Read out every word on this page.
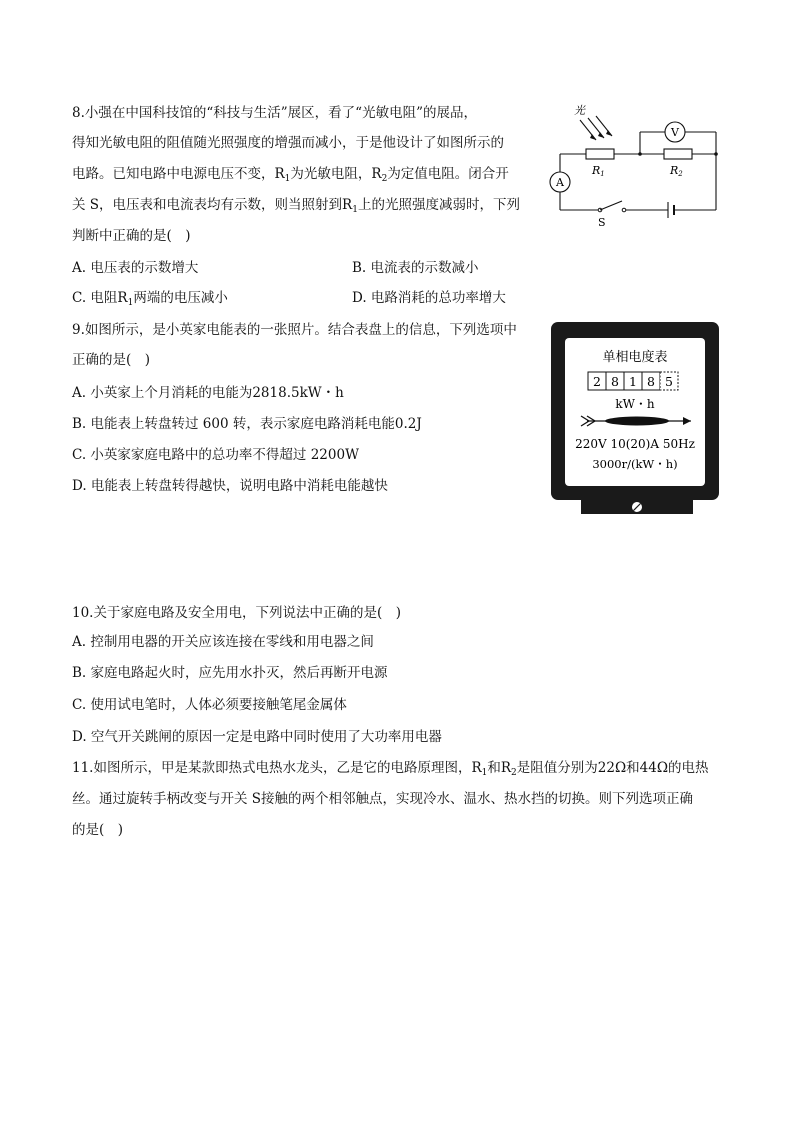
8.小强在中国科技馆的“科技与生活”展区，看了“光敏电阻”的展品，
得知光敏电阻的阻值随光照强度的增强而减小，于是他设计了如图所示的
电路。已知电路中电源电压不变，$R_1$为光敏电阻，$R_2$为定值电阻。闭合开
关 S，电压表和电流表均有示数，则当照射到$R_1$上的光照强度减弱时，下列
判断中正确的是(　)
A. 电压表的示数增大	B. 电流表的示数减小
C. 电阻$R_1$两端的电压减小	D. 电路消耗的总功率增大
光
R1	R2
V
A
S
9.如图所示，是小英家电能表的一张照片。结合表盘上的信息，下列选项中
正确的是(　)
A. 小英家上个月消耗的电能为2818.5kW・h
B. 电能表上转盘转过 600 转，表示家庭电路消耗电能0.2J
C. 小英家家庭电路中的总功率不得超过 2200W
D. 电能表上转盘转得越快，说明电路中消耗电能越快
单相电度表
2 8 1 8 5
kW・h
220V 10(20)A 50Hz
3000r/(kW・h)
10.关于家庭电路及安全用电，下列说法中正确的是(　)
A. 控制用电器的开关应该连接在零线和用电器之间
B. 家庭电路起火时，应先用水扑灭，然后再断开电源
C. 使用试电笔时，人体必须要接触笔尾金属体
D. 空气开关跳闸的原因一定是电路中同时使用了大功率用电器
11.如图所示，甲是某款即热式电热水龙头，乙是它的电路原理图，$R_1$和$R_2$是阻值分别为22Ω和44Ω的电热
丝。通过旋转手柄改变与开关 S接触的两个相邻触点，实现冷水、温水、热水挡的切换。则下列选项正确
的是(　)
